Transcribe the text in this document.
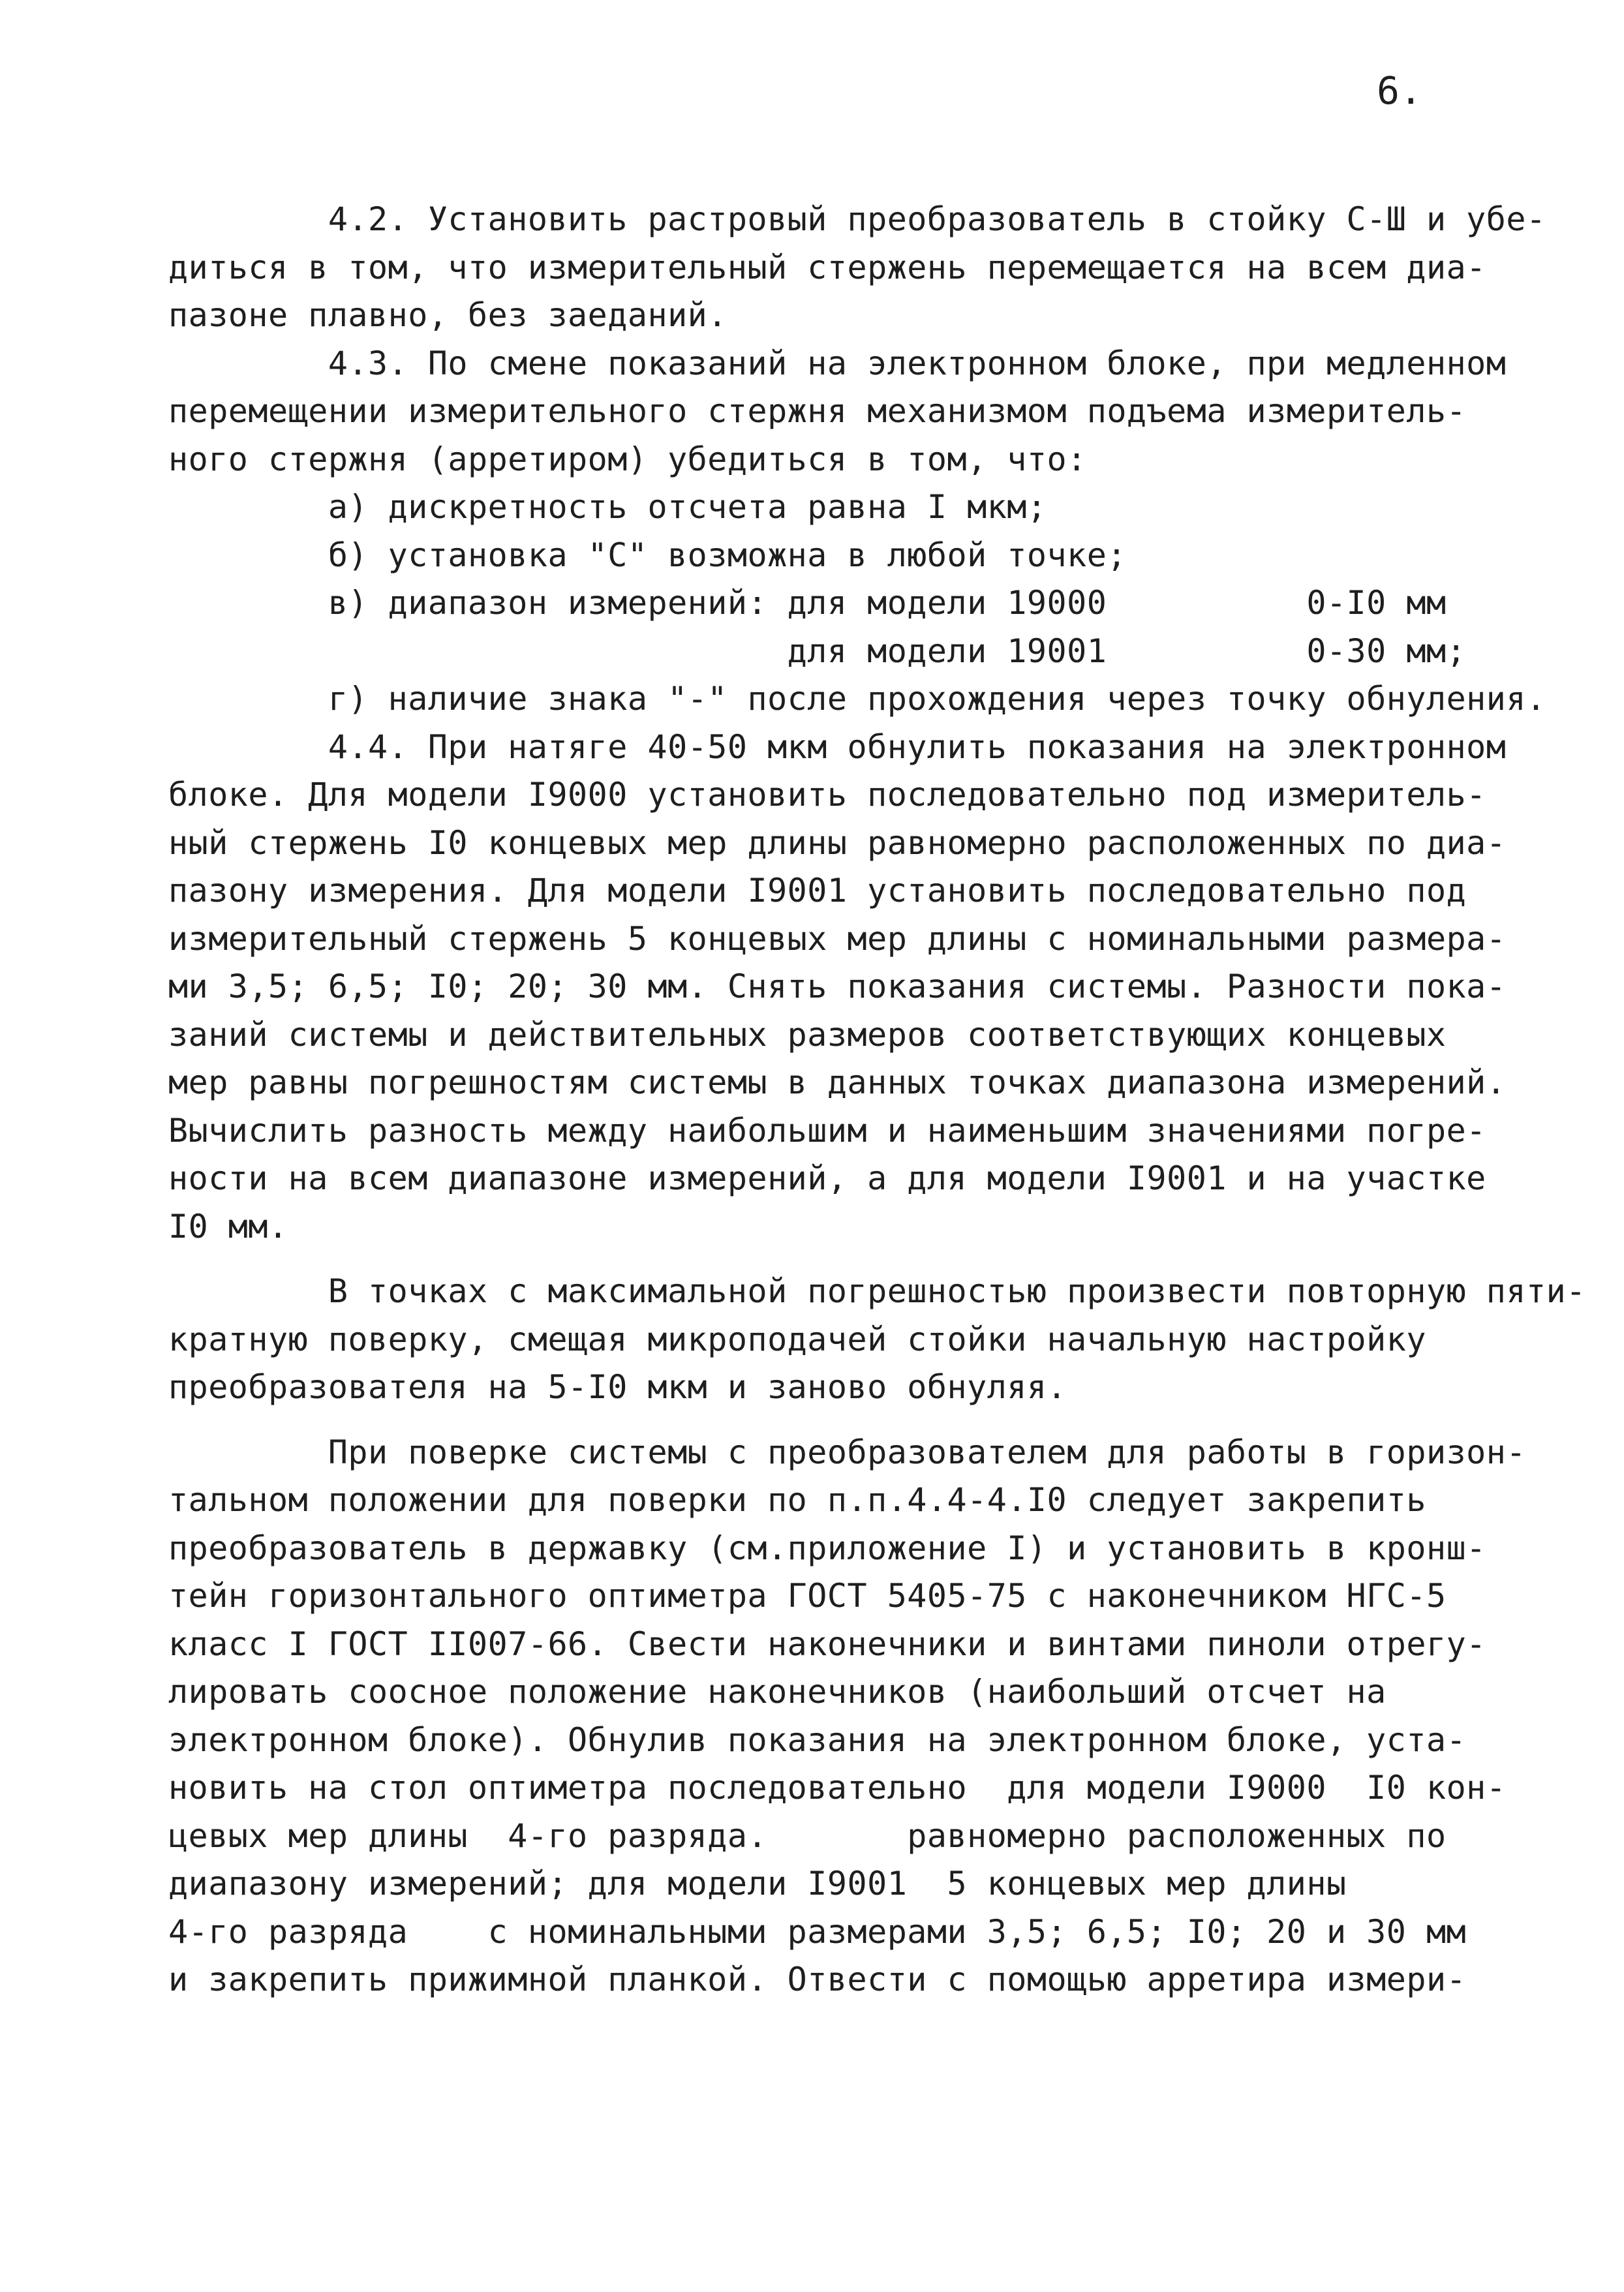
6.
4.2. Установить растровый преобразователь в стойку С-Ш и убе-
диться в том, что измерительный стержень перемещается на всем диа-
пазоне плавно, без заеданий.
4.3. По смене показаний на электронном блоке, при медленном
перемещении измерительного стержня механизмом подъема измеритель-
ного стержня (арретиром) убедиться в том, что:
а) дискретность отсчета равна I мкм;
б) установка "С" возможна в любой точке;
в) диапазон измерений: для модели 19000          0-I0 мм
для модели 19001          0-30 мм;
г) наличие знака "-" после прохождения через точку обнуления.
4.4. При натяге 40-50 мкм обнулить показания на электронном
блоке. Для модели I9000 установить последовательно под измеритель-
ный стержень I0 концевых мер длины равномерно расположенных по диа-
пазону измерения. Для модели I9001 установить последовательно под
измерительный стержень 5 концевых мер длины с номинальными размера-
ми 3,5; 6,5; I0; 20; 30 мм. Снять показания системы. Разности пока-
заний системы и действительных размеров соответствующих концевых
мер равны погрешностям системы в данных точках диапазона измерений.
Вычислить разность между наибольшим и наименьшим значениями погре-
ности на всем диапазоне измерений, а для модели I9001 и на участке
I0 мм.
В точках с максимальной погрешностью произвести повторную пяти-
кратную поверку, смещая микроподачей стойки начальную настройку
преобразователя на 5-I0 мкм и заново обнуляя.
При поверке системы с преобразователем для работы в горизон-
тальном положении для поверки по п.п.4.4-4.I0 следует закрепить
преобразователь в державку (см.приложение I) и установить в кронш-
тейн горизонтального оптиметра ГОСТ 5405-75 с наконечником НГС-5
класс I ГОСТ II007-66. Свести наконечники и винтами пиноли отрегу-
лировать соосное положение наконечников (наибольший отсчет на
электронном блоке). Обнулив показания на электронном блоке, уста-
новить на стол оптиметра последовательно  для модели I9000  I0 кон-
цевых мер длины  4-го разряда.       равномерно расположенных по
диапазону измерений; для модели I9001  5 концевых мер длины
4-го разряда    с номинальными размерами 3,5; 6,5; I0; 20 и 30 мм
и закрепить прижимной планкой. Отвести с помощью арретира измери-
